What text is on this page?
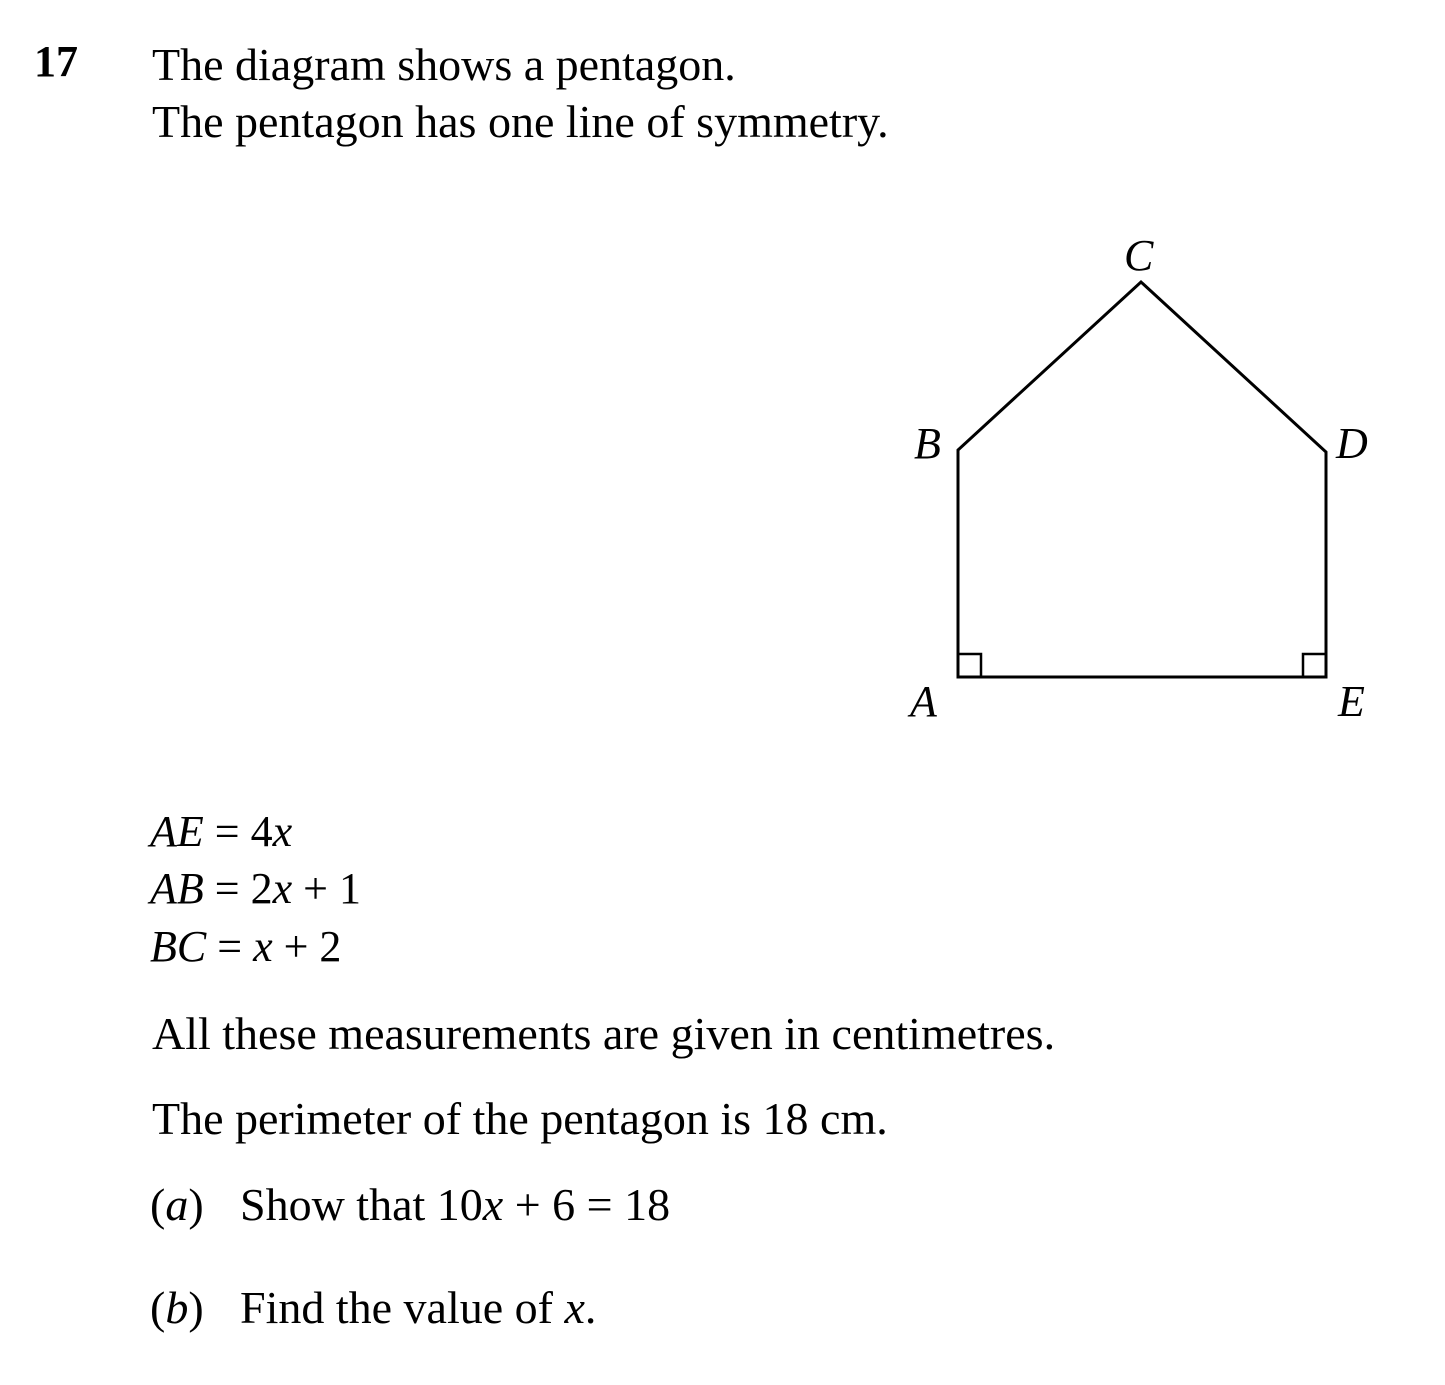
17 The diagram shows a pentagon.
The pentagon has one line of symmetry.
A
B
C
D
E
AE = 4x
AB = 2x + 1
BC = x + 2
All these measurements are given in centimetres.
The perimeter of the pentagon is 18 cm.
(a) Show that 10x + 6 = 18
(b) Find the value of x.
